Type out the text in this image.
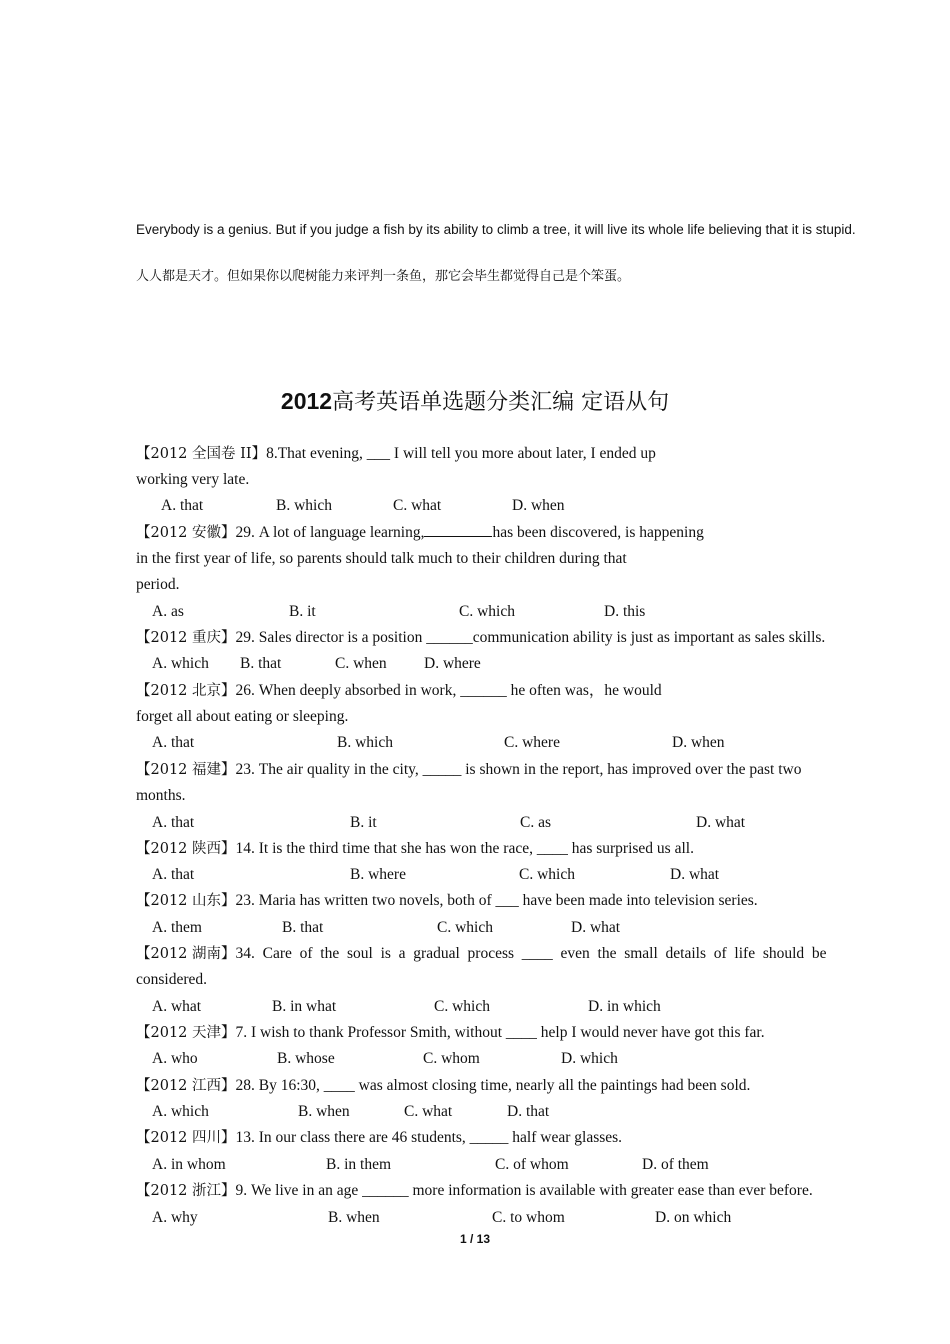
Everybody is a genius. But if you judge a fish by its ability to climb a tree, it will live its whole life believing that it is stupid.
人人都是天才。但如果你以爬树能力来评判一条鱼，那它会毕生都觉得自己是个笨蛋。
2012高考英语单选题分类汇编 定语从句
【2012 全国卷 II】8.That evening, ___ I will tell you more about later, I ended up
working very late.
A. that	B. which	C. what	D. when
【2012 安徽】29. A lot of language learning,	has been discovered, is happening
in the first year of life, so parents should talk much to their children during that
period.
A. as	B. it	C. which	D. this
【2012 重庆】29. Sales director is a position ______communication ability is just as important as sales skills.
A. which B. that	C. when D. where
【2012 北京】26. When deeply absorbed in work, ______ he often was，he would
forget all about eating or sleeping.
A. that	B. which	C. where	D. when
【2012 福建】23. The air quality in the city, _____ is shown in the report, has improved over the past two
months.
A. that	B. it	C. as	D. what
【2012 陕西】14. It is the third time that she has won the race, ____ has surprised us all.
A. that	B. where	C. which	D. what
【2012 山东】23. Maria has written two novels, both of ___ have been made into television series.
A. them	B. that	C. which	D. what
【2012 湖南】34.  Care  of  the  soul  is  a  gradual  process  ____  even  the  small  details  of  life  should  be
considered.
A. what	B. in what	C. which	D. in which
【2012 天津】7. I wish to thank Professor Smith, without ____ help I would never have got this far.
A. who	B. whose	C. whom	D. which
【2012 江西】28. By 16:30, ____ was almost closing time, nearly all the paintings had been sold.
A. which	B. when	C. what	D. that
【2012 四川】13. In our class there are 46 students, _____ half wear glasses.
A. in whom	B. in them	C. of whom	D. of them
【2012 浙江】9. We live in an age ______ more information is available with greater ease than ever before.
A. why	B. when	C. to whom	D. on which
1 / 13
